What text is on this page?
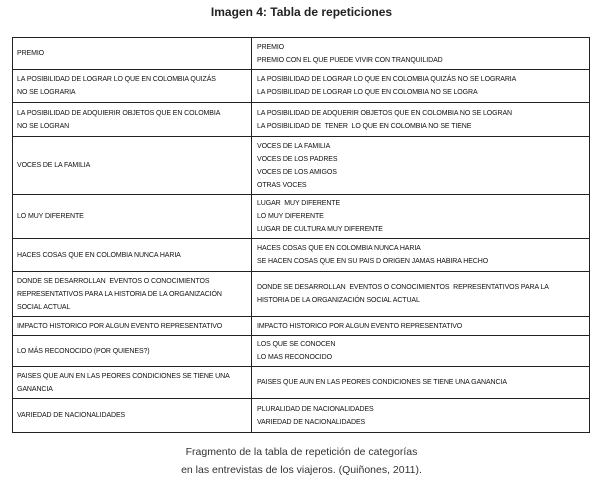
Imagen 4: Tabla de repeticiones
PREMIO
PREMIO
PREMIO CON EL QUE PUEDE VIVIR CON TRANQUILIDAD
LA POSIBILIDAD DE LOGRAR LO QUE EN COLOMBIA QUIZÁS
NO SE LOGRARIA
LA POSIBILIDAD DE LOGRAR LO QUE EN COLOMBIA QUIZÁS NO SE LOGRARIA
LA POSIBILIDAD DE LOGRAR LO QUE EN COLOMBIA NO SE LOGRA
LA POSIBILIDAD DE ADQUIERIR OBJETOS QUE EN COLOMBIA
NO SE LOGRAN
LA POSIBILIDAD DE ADQUERIR OBJETOS QUE EN COLOMBIA NO SE LOGRAN
LA POSIBILIDAD DE  TENER  LO QUE EN COLOMBIA NO SE TIENE
VOCES DE LA FAMILIA
VOCES DE LA FAMILIA
VOCES DE LOS PADRES
VOCES DE LOS AMIGOS
OTRAS VOCES
LO MUY DIFERENTE
LUGAR  MUY DIFERENTE
LO MUY DIFERENTE
LUGAR DE CULTURA MUY DIFERENTE
HACES COSAS QUE EN COLOMBIA NUNCA HARIA
HACES COSAS QUE EN COLOMBIA NUNCA HARIA
SE HACEN COSAS QUE EN SU PAIS D ORIGEN JAMAS HABIRA HECHO
DONDE SE DESARROLLAN  EVENTOS O CONOCIMIENTOS
REPRESENTATIVOS PARA LA HISTORIA DE LA ORGANIZACIÓN
SOCIAL ACTUAL
DONDE SE DESARROLLAN  EVENTOS O CONOCIMIENTOS  REPRESENTATIVOS PARA LA
HISTORIA DE LA ORGANIZACIÓN SOCIAL ACTUAL
IMPACTO HISTORICO POR ALGUN EVENTO REPRESENTATIVO	IMPACTO HISTORICO POR ALGUN EVENTO REPRESENTATIVO
LO MÁS RECONOCIDO (POR QUIENES?)
LOS QUE SE CONOCEN
LO MAS RECONOCIDO
PAISES QUE AUN EN LAS PEORES CONDICIONES SE TIENE UNA
GANANCIA
PAISES QUE AUN EN LAS PEORES CONDICIONES SE TIENE UNA GANANCIA
VARIEDAD DE NACIONALIDADES
PLURALIDAD DE NACIONALIDADES
VARIEDAD DE NACIONALIDADES
Fragmento de la tabla de repetición de categorías
en las entrevistas de los viajeros. (Quiñones, 2011).
